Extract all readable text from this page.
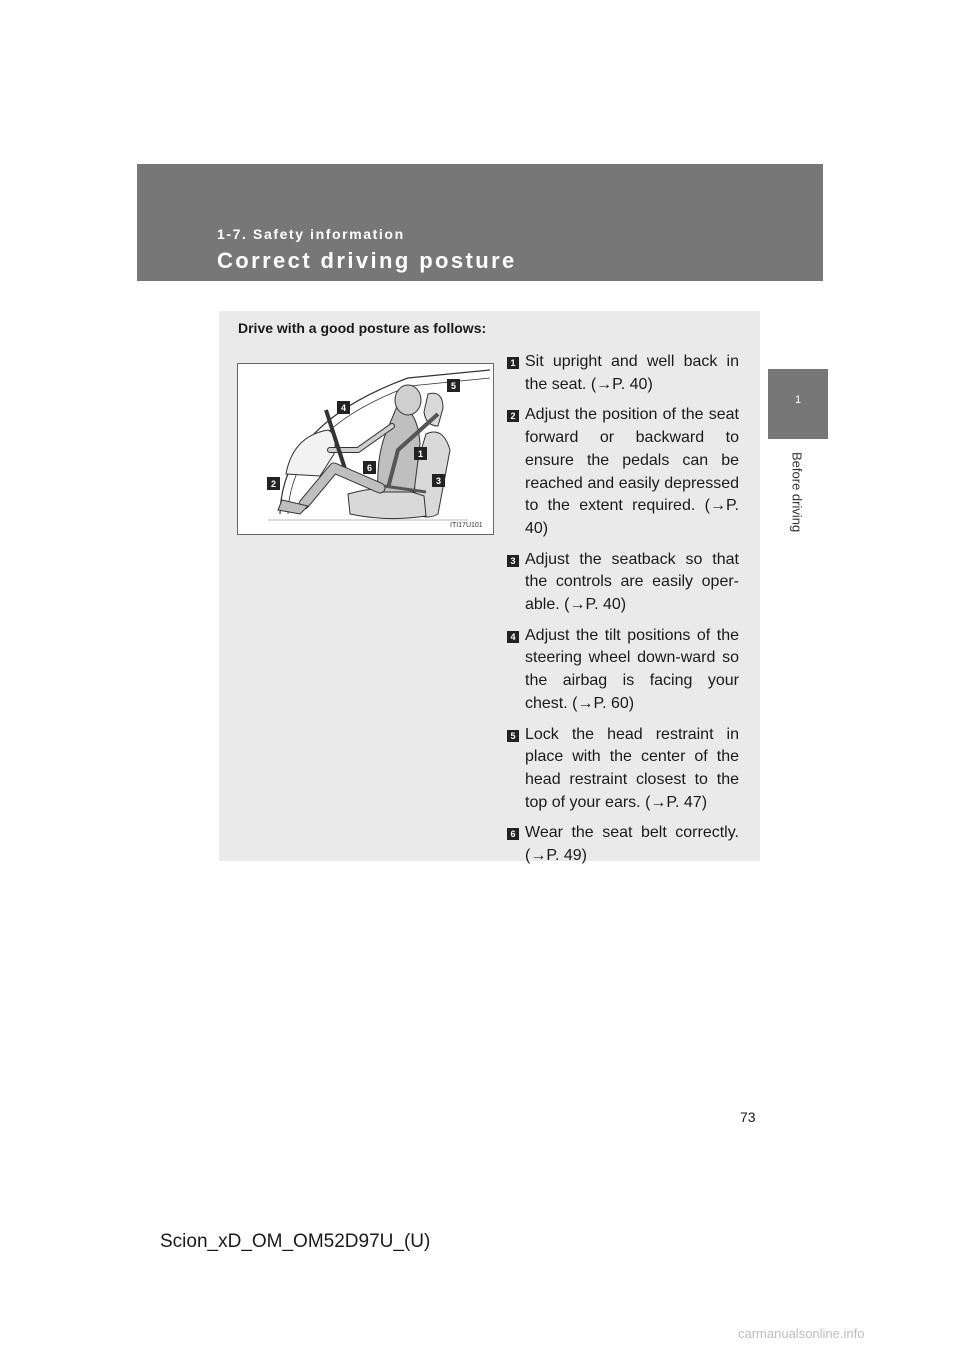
1-7. Safety information

Correct driving posture
1
Before driving

Drive with a good posture as follows:

1
2	3
4
5
6
ITI17U101
1 Sit upright and well back in the seat. (→P. 40)
2 Adjust the position of the seat forward or backward to ensure the pedals can be reached and easily depressed to the extent required. (→P. 40)
3 Adjust the seatback so that the controls are easily oper-able. (→P. 40)
4 Adjust the tilt positions of the steering wheel down-ward so the airbag is facing your chest. (→P. 60)
5 Lock the head restraint in place with the center of the head restraint closest to the top of your ears. (→P. 47)
6 Wear the seat belt correctly. (→P. 49)
73
Scion_xD_OM_OM52D97U_(U)
carmanualsonline.info
